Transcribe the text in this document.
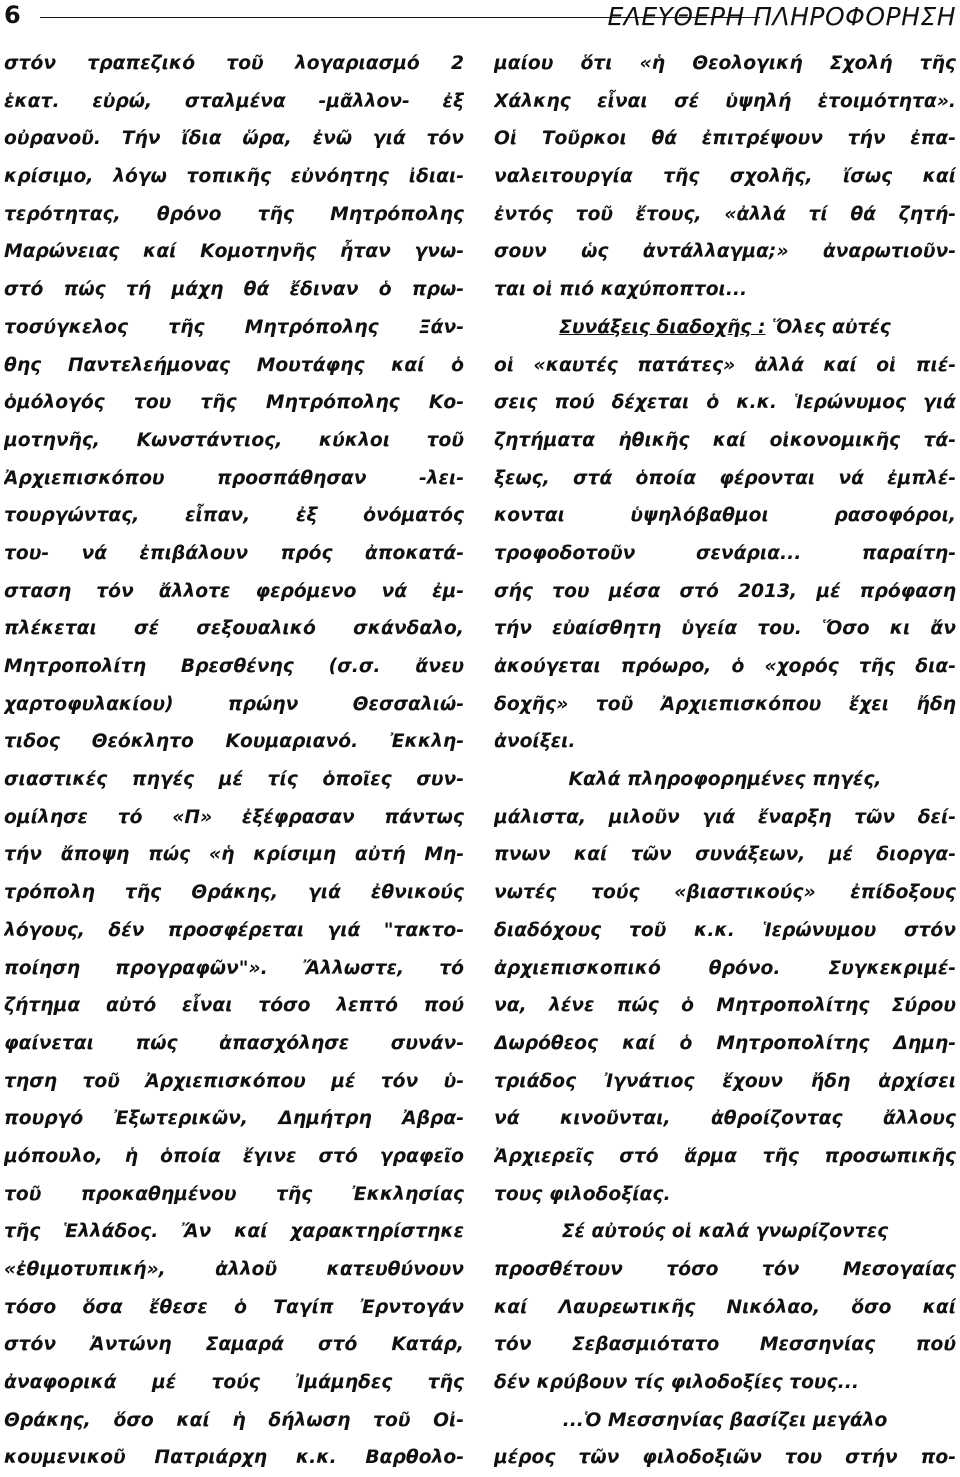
6	ΕΛΕΥΘΕΡΗ ΠΛΗΡΟΦΟΡΗΣΗ
στόν τραπεζικό τοῦ λογαριασμό 2
ἑκατ. εὐρώ, σταλμένα -μᾶλλον- ἐξ
οὐρανοῦ. Τήν ἴδια ὥρα, ἐνῶ γιά τόν
κρίσιμο, λόγω τοπικῆς εὐνόητης ἰδιαι-
τερότητας, θρόνο τῆς Μητρόπολης
Μαρώνειας καί Κομοτηνῆς ἦταν γνω-
στό πώς τή μάχη θά ἔδιναν ὁ πρω-
τοσύγκελος τῆς Μητρόπολης Ξάν-
θης Παντελεήμονας Μουτάφης καί ὁ
ὁμόλογός του τῆς Μητρόπολης Κο-
μοτηνῆς, Κωνστάντιος, κύκλοι τοῦ
Ἀρχιεπισκόπου προσπάθησαν -λει-
τουργώντας, εἶπαν, ἐξ ὀνόματός
του- νά ἐπιβάλουν πρός ἀποκατά-
σταση τόν ἄλλοτε φερόμενο νά ἐμ-
πλέκεται σέ σεξουαλικό σκάνδαλο,
Μητροπολίτη Βρεσθένης (σ.σ. ἄνευ
χαρτοφυλακίου) πρώην Θεσσαλιώ-
τιδος Θεόκλητο Κουμαριανό. Ἐκκλη-
σιαστικές πηγές μέ τίς ὁποῖες συν-
ομίλησε τό «Π» ἐξέφρασαν πάντως
τήν ἄποψη πώς «ἡ κρίσιμη αὐτή Μη-
τρόπολη τῆς Θράκης, γιά ἐθνικούς
λόγους, δέν προσφέρεται γιά "τακτο-
ποίηση προγραφῶν"». Ἄλλωστε, τό
ζήτημα αὐτό εἶναι τόσο λεπτό πού
φαίνεται πώς ἀπασχόλησε συνάν-
τηση τοῦ Ἀρχιεπισκόπου μέ τόν ὑ-
πουργό Ἐξωτερικῶν, Δημήτρη Ἀβρα-
μόπουλο, ἡ ὁποία ἔγινε στό γραφεῖο
τοῦ προκαθημένου τῆς Ἐκκλησίας
τῆς Ἑλλάδος. Ἄν καί χαρακτηρίστηκε
«ἐθιμοτυπική», ἀλλοῦ κατευθύνουν
τόσο ὅσα ἔθεσε ὁ Ταγίπ Ἐρντογάν
στόν Ἀντώνη Σαμαρά στό Κατάρ,
ἀναφορικά μέ τούς Ἰμάμηδες τῆς
Θράκης, ὅσο καί ἡ δήλωση τοῦ Οἰ-
κουμενικοῦ Πατριάρχη κ.κ. Βαρθολο-
μαίου ὅτι «ἡ Θεολογική Σχολή τῆς
Χάλκης εἶναι σέ ὑψηλή ἑτοιμότητα».
Οἱ Τοῦρκοι θά ἐπιτρέψουν τήν ἐπα-
ναλειτουργία τῆς σχολῆς, ἴσως καί
ἐντός τοῦ ἔτους, «ἀλλά τί θά ζητή-
σουν ὡς ἀντάλλαγμα;» ἀναρωτιοῦν-
ται οἱ πιό καχύποπτοι...
Συνάξεις διαδοχῆς : Ὅλες αὐτές
οἱ «καυτές πατάτες» ἀλλά καί οἱ πιέ-
σεις πού δέχεται ὁ κ.κ. Ἱερώνυμος γιά
ζητήματα ἠθικῆς καί οἰκονομικῆς τά-
ξεως, στά ὁποία φέρονται νά ἐμπλέ-
κονται ὑψηλόβαθμοι ρασοφόροι,
τροφοδοτοῦν σενάρια... παραίτη-
σής του μέσα στό 2013, μέ πρόφαση
τήν εὐαίσθητη ὑγεία του. Ὅσο κι ἄν
ἀκούγεται πρόωρο, ὁ «χορός τῆς δια-
δοχῆς» τοῦ Ἀρχιεπισκόπου ἔχει ἤδη
ἀνοίξει.
Καλά πληροφορημένες πηγές,
μάλιστα, μιλοῦν γιά ἔναρξη τῶν δεί-
πνων καί τῶν συνάξεων, μέ διοργα-
νωτές τούς «βιαστικούς» ἐπίδοξους
διαδόχους τοῦ κ.κ. Ἱερώνυμου στόν
ἀρχιεπισκοπικό θρόνο. Συγκεκριμέ-
να, λένε πώς ὁ Μητροπολίτης Σύρου
Δωρόθεος καί ὁ Μητροπολίτης Δημη-
τριάδος Ἰγνάτιος ἔχουν ἤδη ἀρχίσει
νά κινοῦνται, ἀθροίζοντας ἄλλους
Ἀρχιερεῖς στό ἅρμα τῆς προσωπικῆς
τους φιλοδοξίας.
Σέ αὐτούς οἱ καλά γνωρίζοντες
προσθέτουν τόσο τόν Μεσογαίας
καί Λαυρεωτικῆς Νικόλαο, ὅσο καί
τόν Σεβασμιότατο Μεσσηνίας πού
δέν κρύβουν τίς φιλοδοξίες τους...
...Ὁ Μεσσηνίας βασίζει μεγάλο
μέρος τῶν φιλοδοξιῶν του στήν πο-
